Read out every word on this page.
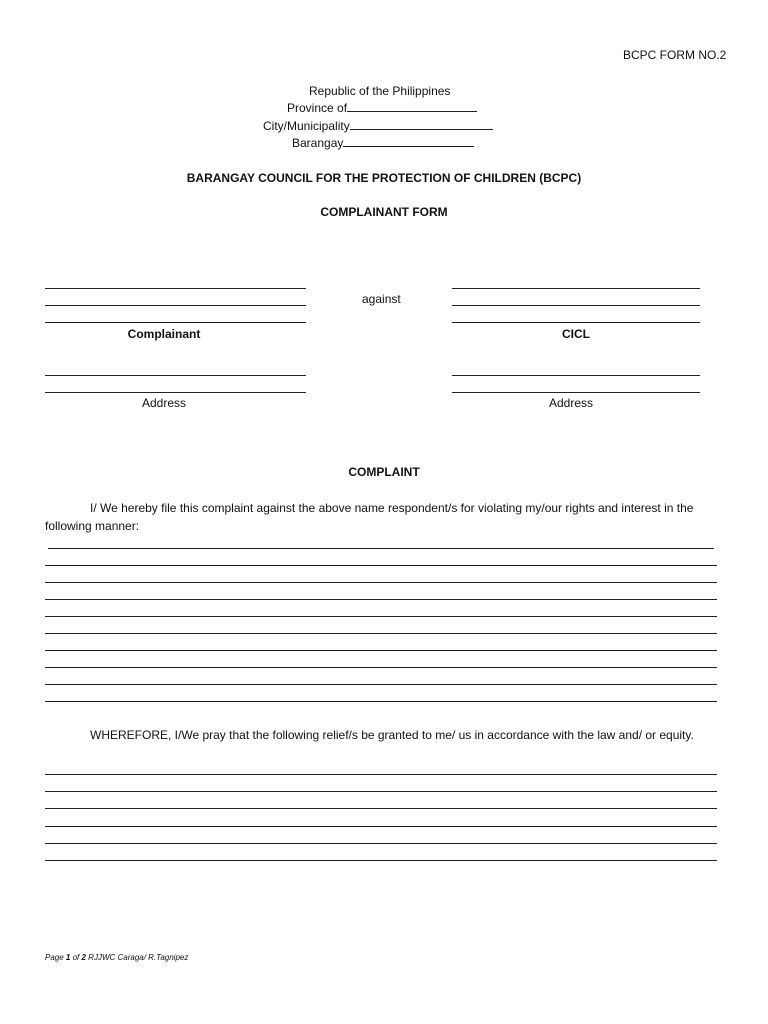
BCPC FORM NO.2
Republic of the Philippines
Province of
City/Municipality
Barangay
BARANGAY COUNCIL FOR THE PROTECTION OF CHILDREN (BCPC)
COMPLAINANT FORM
against
Complainant	CICL
Address	Address
COMPLAINT
I/ We hereby file this complaint against the above name respondent/s for violating my/our rights and interest in the following manner:
WHEREFORE, I/We pray that the following relief/s be granted to me/ us in accordance with the law and/ or equity.
Page 1 of 2 RJJWC Caraga/ R.Tagnipez
